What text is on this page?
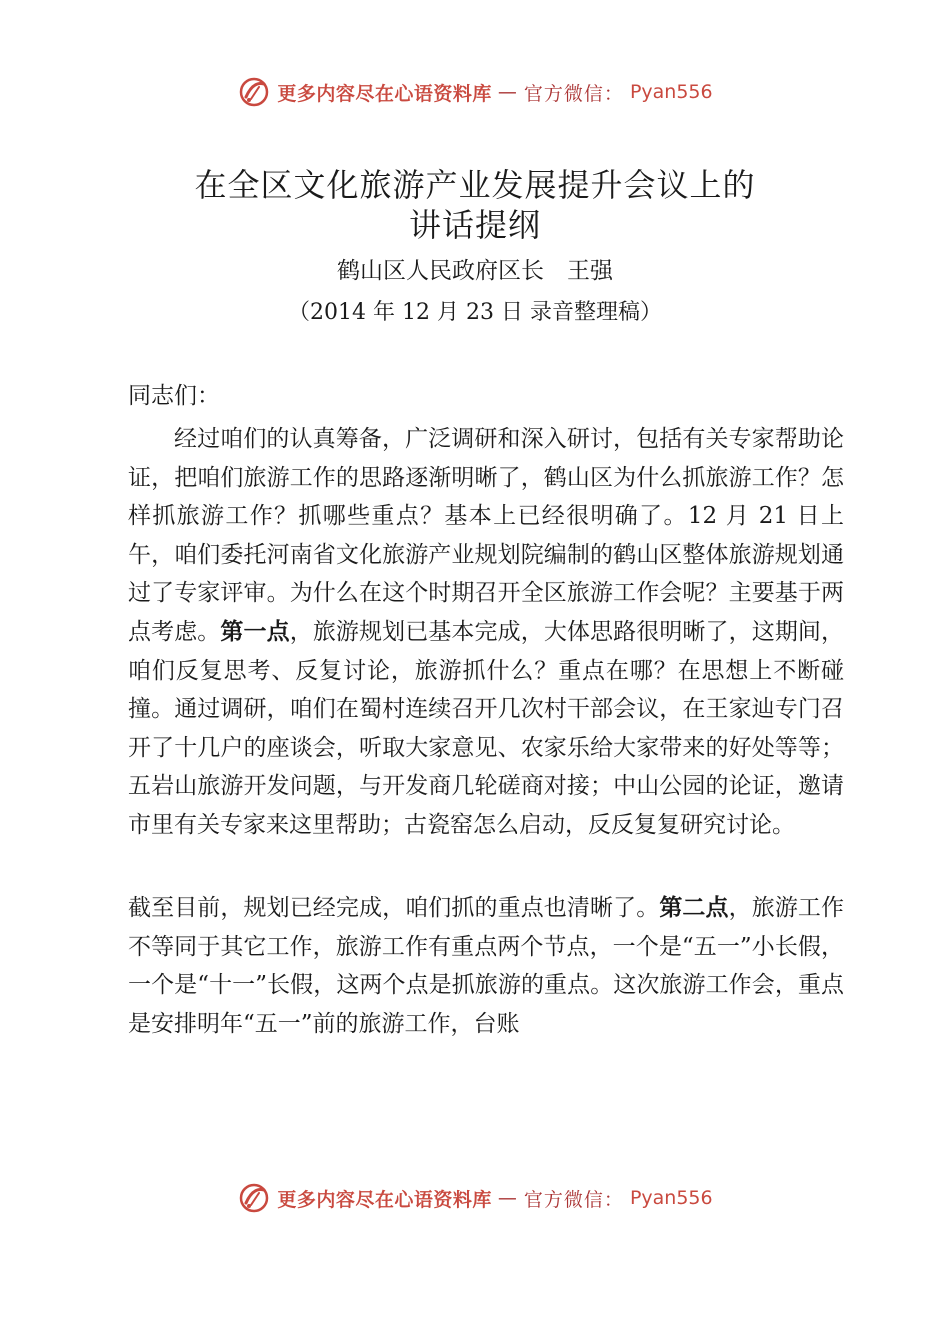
更多内容尽在心语资料库 — 官方微信： Pyan556
在全区文化旅游产业发展提升会议上的
讲话提纲
鹤山区人民政府区长　王强
（2014 年 12 月 23 日 录音整理稿）
同志们：
经过咱们的认真筹备，广泛调研和深入研讨，包括有关专家帮助论证，把咱们旅游工作的思路逐渐明晰了，鹤山区为什么抓旅游工作？怎样抓旅游工作？抓哪些重点？基本上已经很明确了。12 月 21 日上午，咱们委托河南省文化旅游产业规划院编制的鹤山区整体旅游规划通过了专家评审。为什么在这个时期召开全区旅游工作会呢？主要基于两点考虑。第一点，旅游规划已基本完成，大体思路很明晰了，这期间，咱们反复思考、反复讨论，旅游抓什么？重点在哪？在思想上不断碰撞。通过调研，咱们在蜀村连续召开几次村干部会议，在王家辿专门召开了十几户的座谈会，听取大家意见、农家乐给大家带来的好处等等；五岩山旅游开发问题，与开发商几轮磋商对接；中山公园的论证，邀请市里有关专家来这里帮助；古瓷窑怎么启动，反反复复研究讨论。
截至目前，规划已经完成，咱们抓的重点也清晰了。第二点，旅游工作不等同于其它工作，旅游工作有重点两个节点，一个是“五一”小长假，一个是“十一”长假，这两个点是抓旅游的重点。这次旅游工作会，重点是安排明年“五一”前的旅游工作，台账
更多内容尽在心语资料库 — 官方微信： Pyan556
